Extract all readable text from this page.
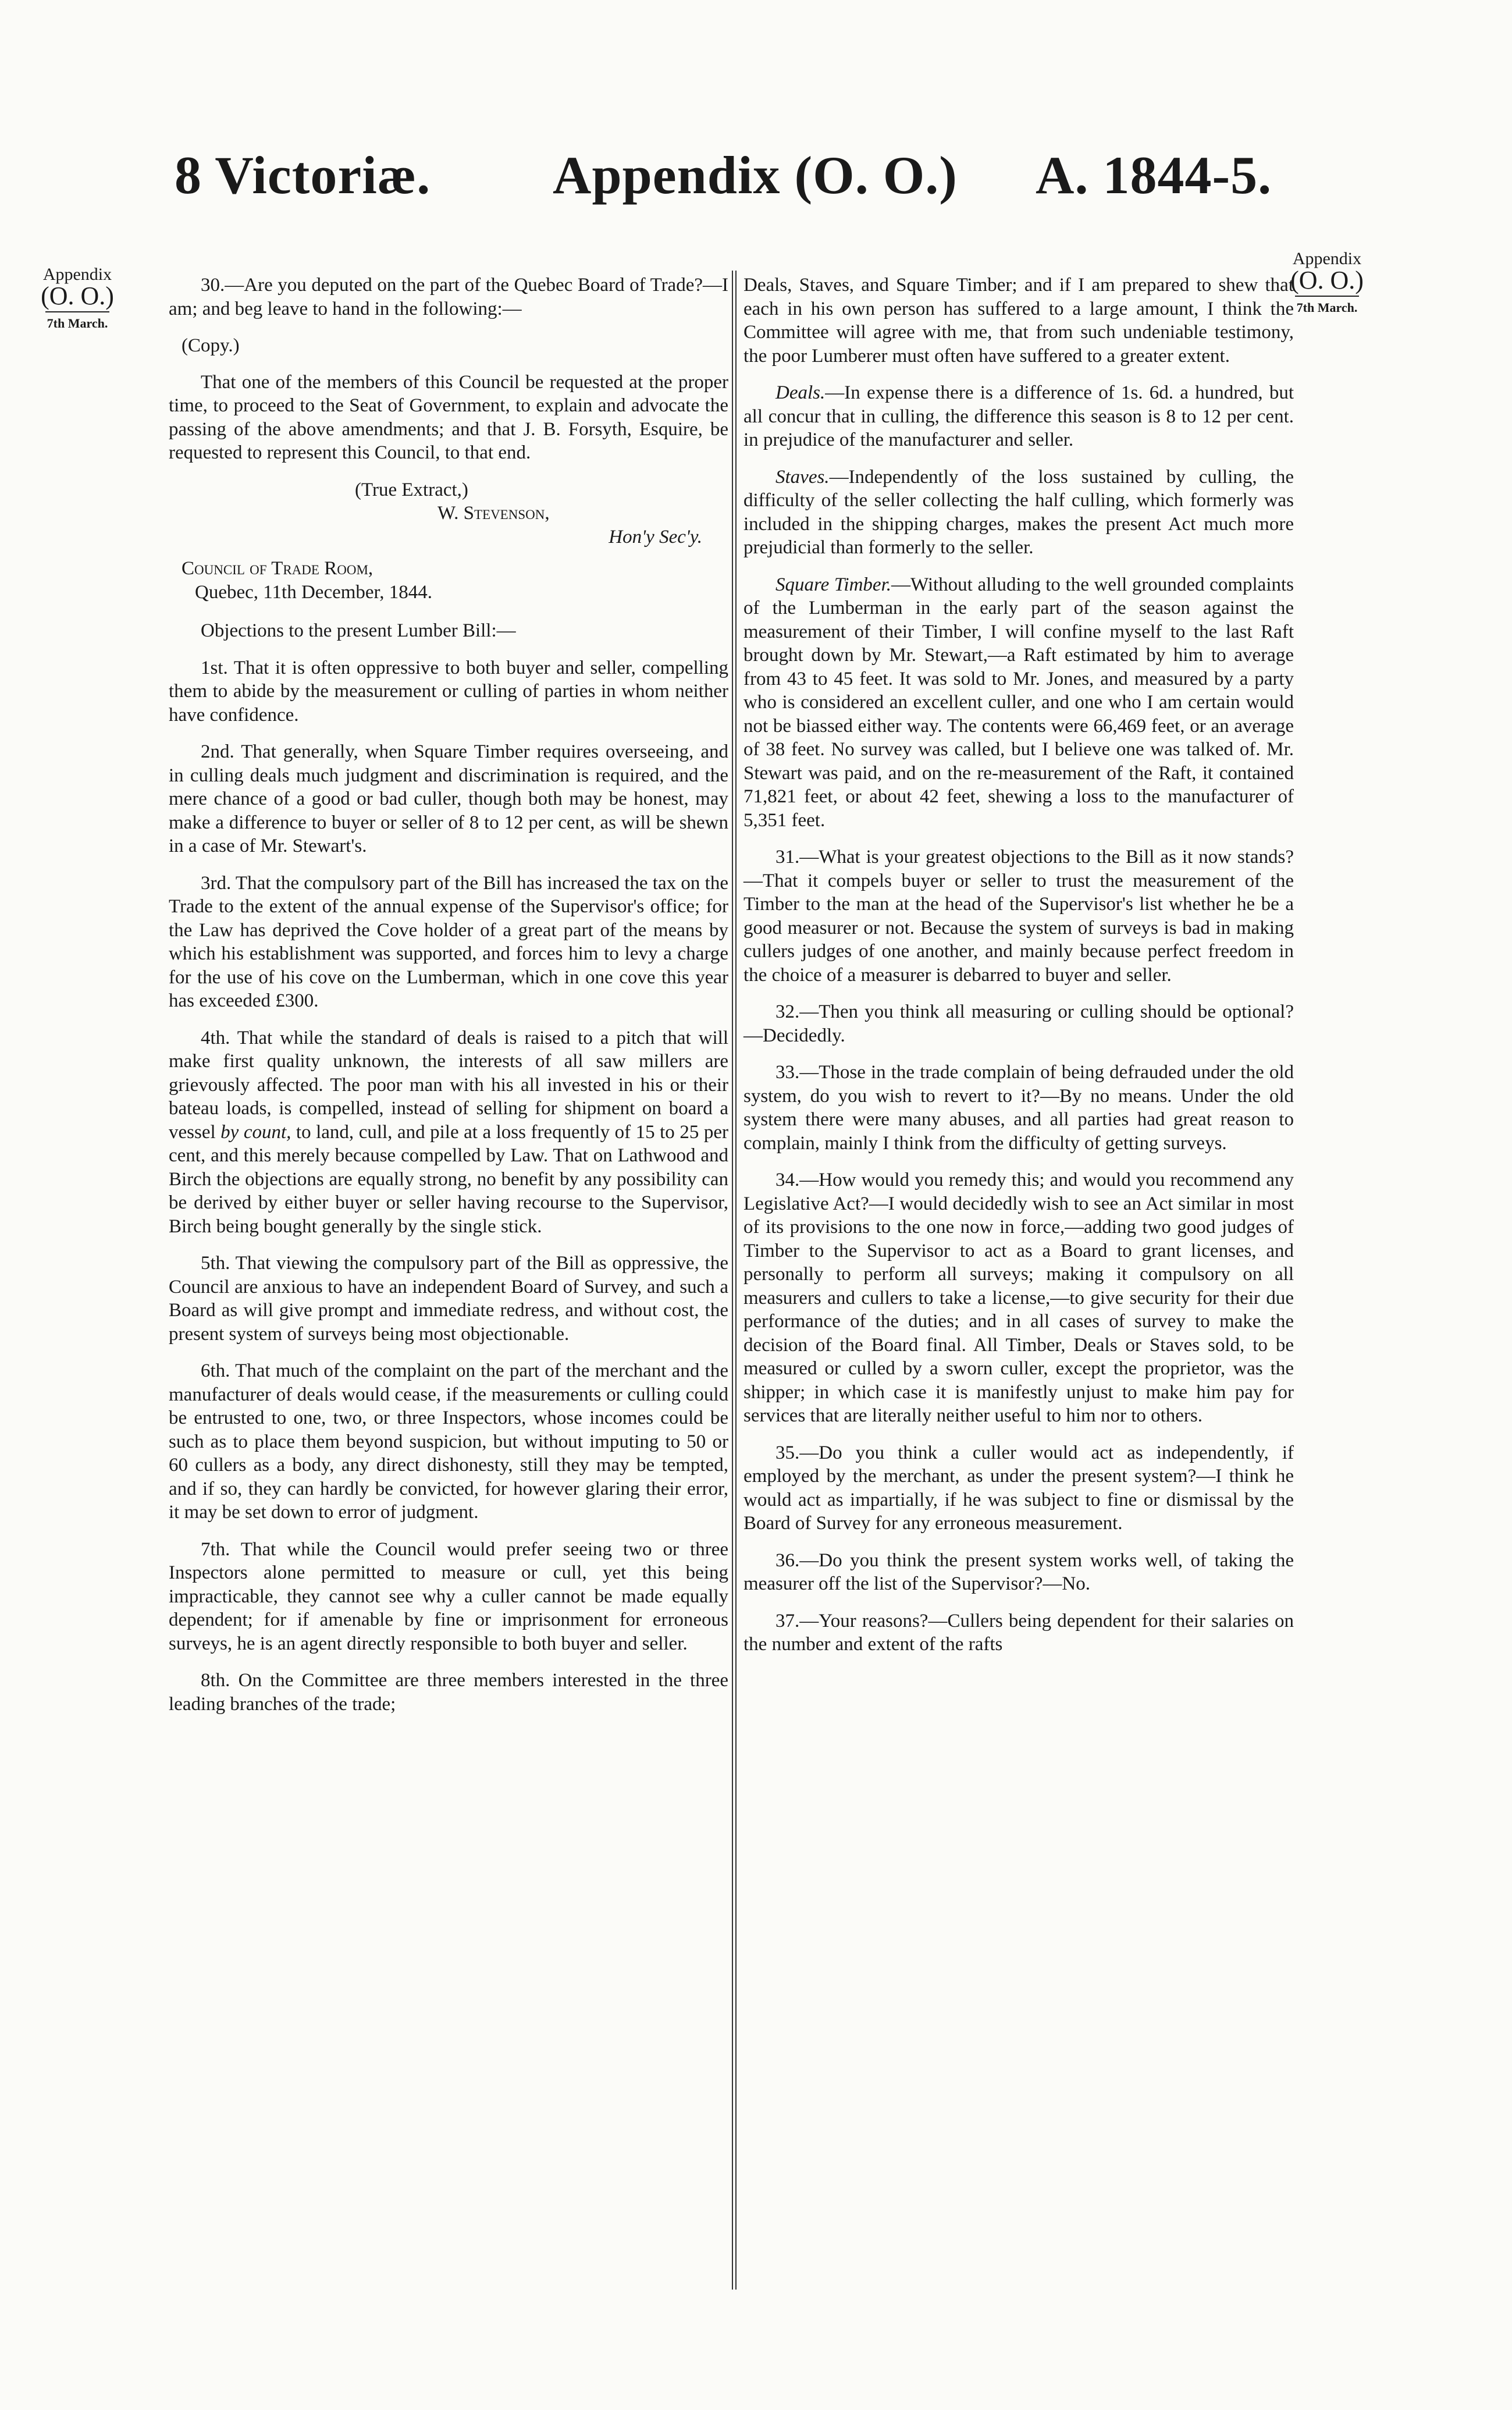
8 Victoriæ. Appendix (O. O.) A. 1844-5.
Appendix
(O. O.)
7th March.
Appendix
(O. O.)
7th March.

30.—Are you deputed on the part of the Quebec Board of Trade?—I am; and beg leave to hand in the following:—

(Copy.)

That one of the members of this Council be requested at the proper time, to proceed to the Seat of Government, to explain and advocate the passing of the above amendments; and that J. B. Forsyth, Esquire, be requested to represent this Council, to that end.

(True Extract,)

W. Stevenson,

Hon'y Sec'y.

Council of Trade Room,

Quebec, 11th December, 1844.

Objections to the present Lumber Bill:—

1st. That it is often oppressive to both buyer and seller, compelling them to abide by the measurement or culling of parties in whom neither have confidence.

2nd. That generally, when Square Timber requires overseeing, and in culling deals much judgment and discrimination is required, and the mere chance of a good or bad culler, though both may be honest, may make a difference to buyer or seller of 8 to 12 per cent, as will be shewn in a case of Mr. Stewart's.

3rd. That the compulsory part of the Bill has increased the tax on the Trade to the extent of the annual expense of the Supervisor's office; for the Law has deprived the Cove holder of a great part of the means by which his establishment was supported, and forces him to levy a charge for the use of his cove on the Lumberman, which in one cove this year has exceeded £300.

4th. That while the standard of deals is raised to a pitch that will make first quality unknown, the interests of all saw millers are grievously affected. The poor man with his all invested in his or their bateau loads, is compelled, instead of selling for shipment on board a vessel by count, to land, cull, and pile at a loss frequently of 15 to 25 per cent, and this merely because compelled by Law. That on Lathwood and Birch the objections are equally strong, no benefit by any possibility can be derived by either buyer or seller having recourse to the Supervisor, Birch being bought generally by the single stick.

5th. That viewing the compulsory part of the Bill as oppressive, the Council are anxious to have an independent Board of Survey, and such a Board as will give prompt and immediate redress, and without cost, the present system of surveys being most objectionable.

6th. That much of the complaint on the part of the merchant and the manufacturer of deals would cease, if the measurements or culling could be entrusted to one, two, or three Inspectors, whose incomes could be such as to place them beyond suspicion, but without imputing to 50 or 60 cullers as a body, any direct dishonesty, still they may be tempted, and if so, they can hardly be convicted, for however glaring their error, it may be set down to error of judgment.

7th. That while the Council would prefer seeing two or three Inspectors alone permitted to measure or cull, yet this being impracticable, they cannot see why a culler cannot be made equally dependent; for if amenable by fine or imprisonment for erroneous surveys, he is an agent directly responsible to both buyer and seller.

8th. On the Committee are three members interested in the three leading branches of the trade;

Deals, Staves, and Square Timber; and if I am prepared to shew that each in his own person has suffered to a large amount, I think the Committee will agree with me, that from such undeniable testimony, the poor Lumberer must often have suffered to a greater extent.

Deals.—In expense there is a difference of 1s. 6d. a hundred, but all concur that in culling, the difference this season is 8 to 12 per cent. in prejudice of the manufacturer and seller.

Staves.—Independently of the loss sustained by culling, the difficulty of the seller collecting the half culling, which formerly was included in the shipping charges, makes the present Act much more prejudicial than formerly to the seller.

Square Timber.—Without alluding to the well grounded complaints of the Lumberman in the early part of the season against the measurement of their Timber, I will confine myself to the last Raft brought down by Mr. Stewart,—a Raft estimated by him to average from 43 to 45 feet. It was sold to Mr. Jones, and measured by a party who is considered an excellent culler, and one who I am certain would not be biassed either way. The contents were 66,469 feet, or an average of 38 feet. No survey was called, but I believe one was talked of. Mr. Stewart was paid, and on the re-measurement of the Raft, it contained 71,821 feet, or about 42 feet, shewing a loss to the manufacturer of 5,351 feet.

31.—What is your greatest objections to the Bill as it now stands?—That it compels buyer or seller to trust the measurement of the Timber to the man at the head of the Supervisor's list whether he be a good measurer or not. Because the system of surveys is bad in making cullers judges of one another, and mainly because perfect freedom in the choice of a measurer is debarred to buyer and seller.

32.—Then you think all measuring or culling should be optional?—Decidedly.

33.—Those in the trade complain of being defrauded under the old system, do you wish to revert to it?—By no means. Under the old system there were many abuses, and all parties had great reason to complain, mainly I think from the difficulty of getting surveys.

34.—How would you remedy this; and would you recommend any Legislative Act?—I would decidedly wish to see an Act similar in most of its provisions to the one now in force,—adding two good judges of Timber to the Supervisor to act as a Board to grant licenses, and personally to perform all surveys; making it compulsory on all measurers and cullers to take a license,—to give security for their due performance of the duties; and in all cases of survey to make the decision of the Board final. All Timber, Deals or Staves sold, to be measured or culled by a sworn culler, except the proprietor, was the shipper; in which case it is manifestly unjust to make him pay for services that are literally neither useful to him nor to others.

35.—Do you think a culler would act as independently, if employed by the merchant, as under the present system?—I think he would act as impartially, if he was subject to fine or dismissal by the Board of Survey for any erroneous measurement.

36.—Do you think the present system works well, of taking the measurer off the list of the Supervisor?—No.

37.—Your reasons?—Cullers being dependent for their salaries on the number and extent of the rafts
